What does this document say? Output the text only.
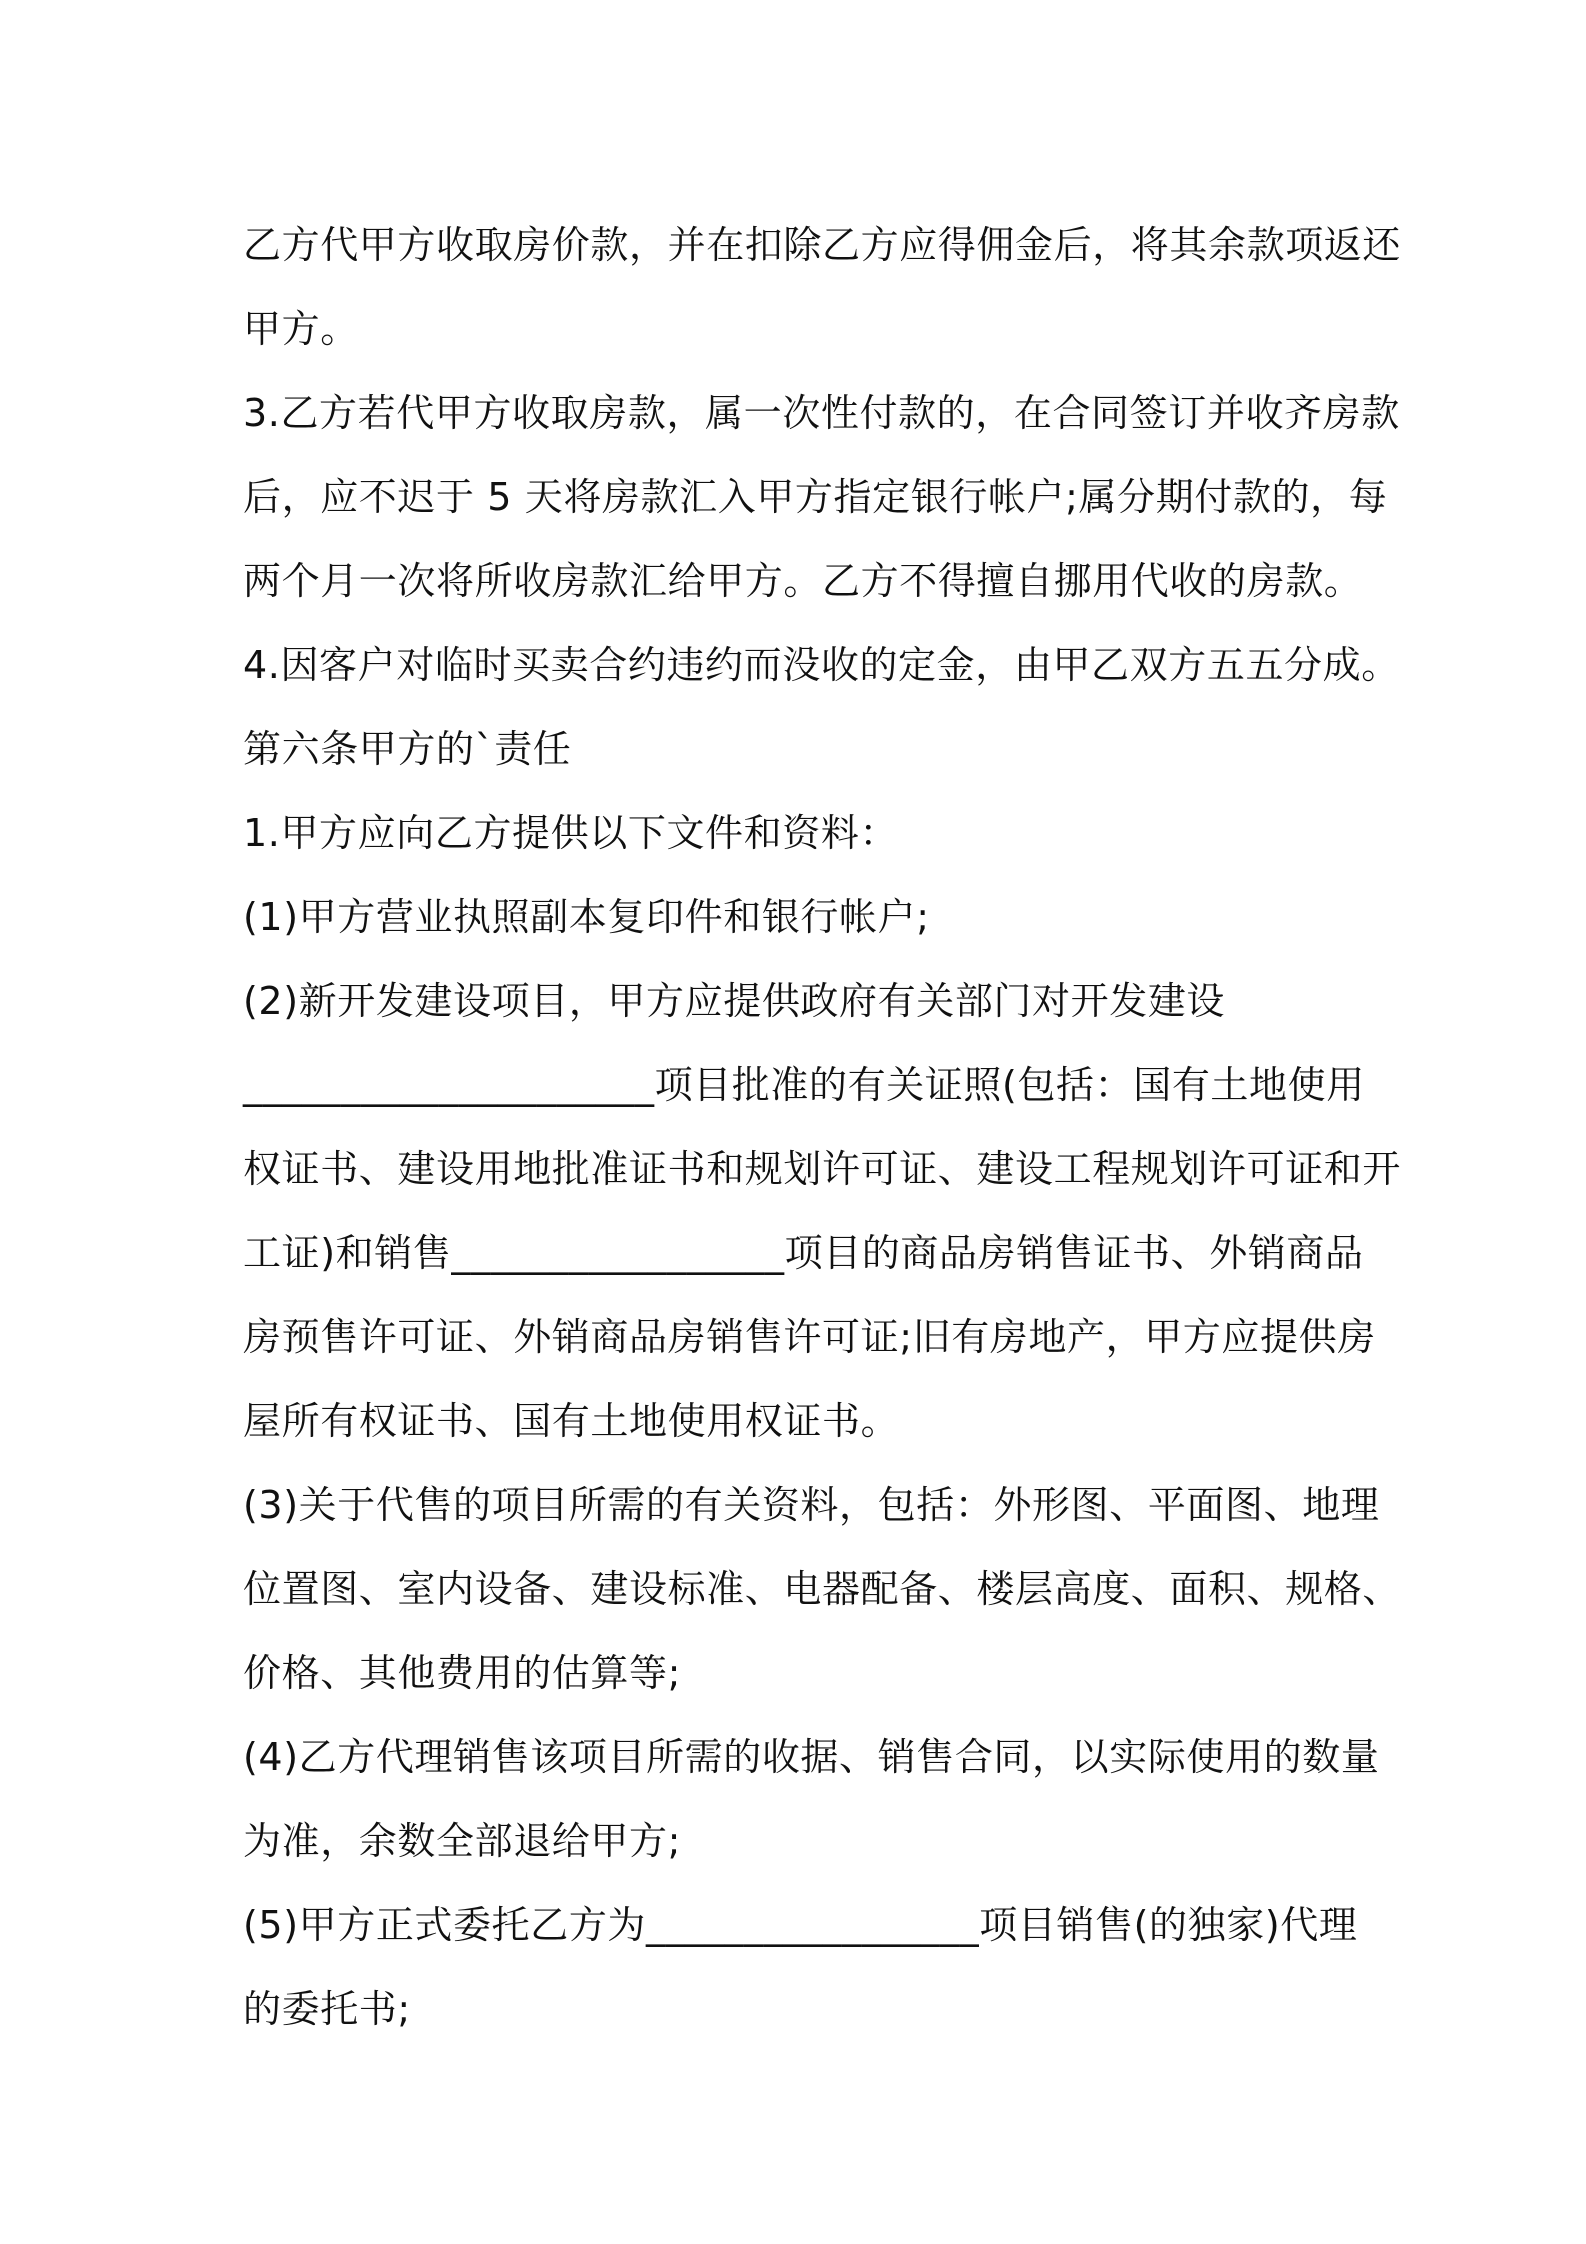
乙方代甲方收取房价款，并在扣除乙方应得佣金后，将其余款项返还
甲方。
3.乙方若代甲方收取房款，属一次性付款的，在合同签订并收齐房款
后，应不迟于 5 天将房款汇入甲方指定银行帐户;属分期付款的，每
两个月一次将所收房款汇给甲方。乙方不得擅自挪用代收的房款。
4.因客户对临时买卖合约违约而没收的定金，由甲乙双方五五分成。
第六条甲方的`责任
1.甲方应向乙方提供以下文件和资料：
(1)甲方营业执照副本复印件和银行帐户;
(2)新开发建设项目，甲方应提供政府有关部门对开发建设
_____________________项目批准的有关证照(包括：国有土地使用
权证书、建设用地批准证书和规划许可证、建设工程规划许可证和开
工证)和销售_________________项目的商品房销售证书、外销商品
房预售许可证、外销商品房销售许可证;旧有房地产，甲方应提供房
屋所有权证书、国有土地使用权证书。
(3)关于代售的项目所需的有关资料，包括：外形图、平面图、地理
位置图、室内设备、建设标准、电器配备、楼层高度、面积、规格、
价格、其他费用的估算等;
(4)乙方代理销售该项目所需的收据、销售合同，以实际使用的数量
为准，余数全部退给甲方;
(5)甲方正式委托乙方为_________________项目销售(的独家)代理
的委托书;
